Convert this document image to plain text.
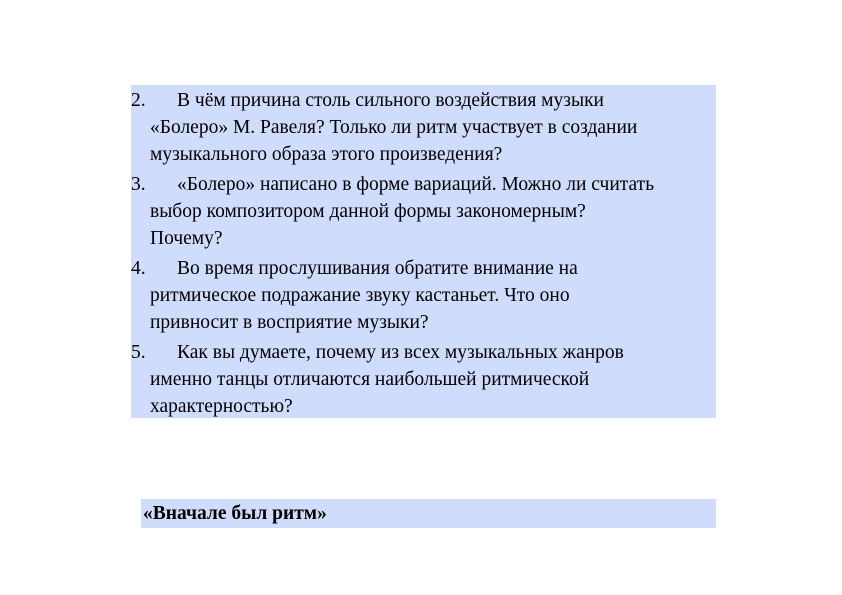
2.	В чём причина столь сильного воздействия музыки
«Болеро» М. Равеля? Только ли ритм участвует в создании
музыкального образа этого произведения?
3.	«Болеро» написано в форме вариаций. Можно ли считать
выбор композитором данной формы закономерным?
Почему?
4.	Во время прослушивания обратите внимание на
ритмическое подражание звуку кастаньет. Что оно
привносит в восприятие музыки?
5.	Как вы думаете, почему из всех музыкальных жанров
именно танцы отличаются наибольшей ритмической
характерностью?
«Вначале был ритм»
